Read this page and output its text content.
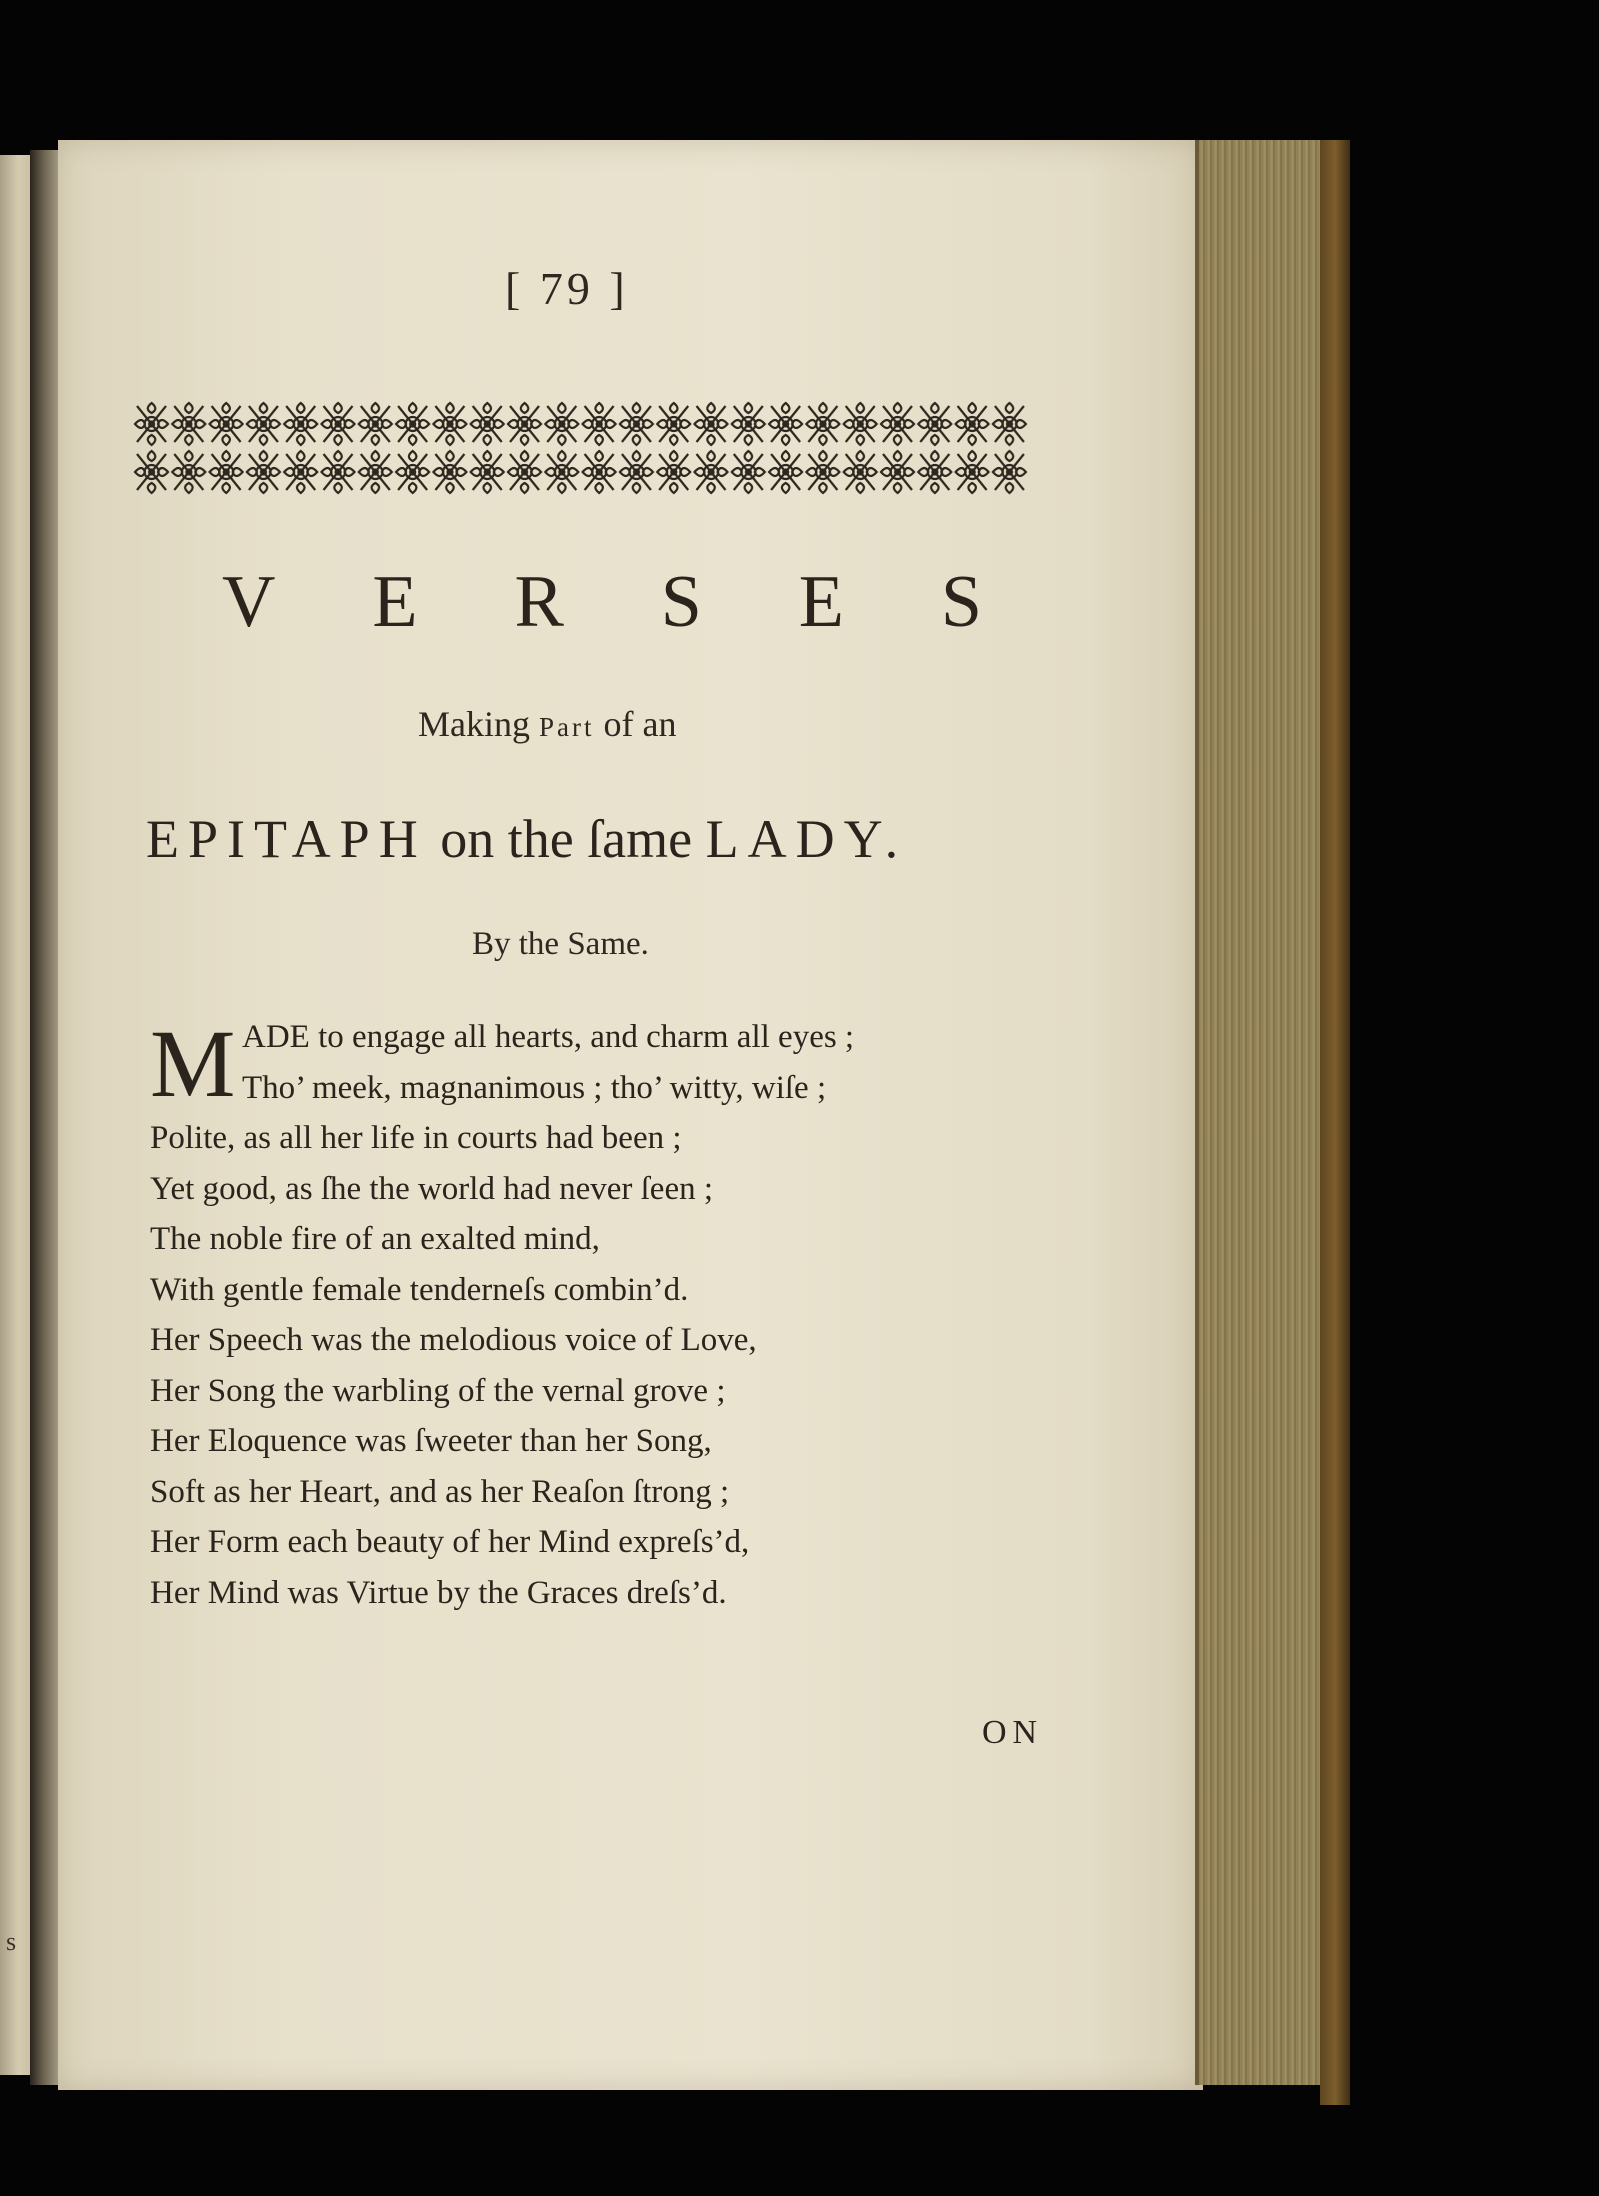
s
[ 79 ]
V E R S E S
Making Part of an
EPITAPH on the ſame LADY.
By the Same.
M ADE to engage all hearts, and charm all eyes ;
Tho’ meek, magnanimous ; tho’ witty, wiſe ;
Polite, as all her life in courts had been ;
Yet good, as ſhe the world had never ſeen ;
The noble fire of an exalted mind,
With gentle female tenderneſs combin’d.
Her Speech was the melodious voice of Love,
Her Song the warbling of the vernal grove ;
Her Eloquence was ſweeter than her Song,
Soft as her Heart, and as her Reaſon ſtrong ;
Her Form each beauty of her Mind expreſs’d,
Her Mind was Virtue by the Graces dreſs’d.
ON
